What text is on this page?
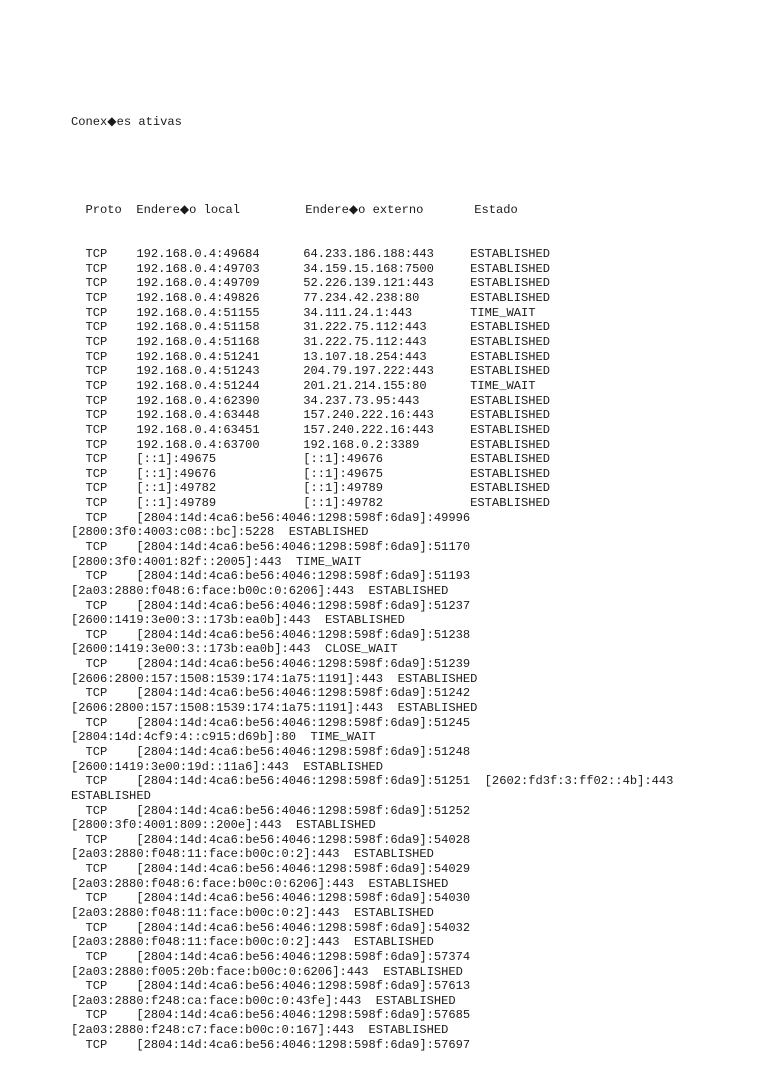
Conex◆es ativas

Proto  Endere◆o local         Endere◆o externo       Estado

TCP    192.168.0.4:49684      64.233.186.188:443     ESTABLISHED
TCP    192.168.0.4:49703      34.159.15.168:7500     ESTABLISHED
TCP    192.168.0.4:49709      52.226.139.121:443     ESTABLISHED
TCP    192.168.0.4:49826      77.234.42.238:80       ESTABLISHED
TCP    192.168.0.4:51155      34.111.24.1:443        TIME_WAIT
TCP    192.168.0.4:51158      31.222.75.112:443      ESTABLISHED
TCP    192.168.0.4:51168      31.222.75.112:443      ESTABLISHED
TCP    192.168.0.4:51241      13.107.18.254:443      ESTABLISHED
TCP    192.168.0.4:51243      204.79.197.222:443     ESTABLISHED
TCP    192.168.0.4:51244      201.21.214.155:80      TIME_WAIT
TCP    192.168.0.4:62390      34.237.73.95:443       ESTABLISHED
TCP    192.168.0.4:63448      157.240.222.16:443     ESTABLISHED
TCP    192.168.0.4:63451      157.240.222.16:443     ESTABLISHED
TCP    192.168.0.4:63700      192.168.0.2:3389       ESTABLISHED
TCP    [::1]:49675            [::1]:49676            ESTABLISHED
TCP    [::1]:49676            [::1]:49675            ESTABLISHED
TCP    [::1]:49782            [::1]:49789            ESTABLISHED
TCP    [::1]:49789            [::1]:49782            ESTABLISHED
TCP    [2804:14d:4ca6:be56:4046:1298:598f:6da9]:49996
[2800:3f0:4003:c08::bc]:5228  ESTABLISHED
TCP    [2804:14d:4ca6:be56:4046:1298:598f:6da9]:51170
[2800:3f0:4001:82f::2005]:443  TIME_WAIT
TCP    [2804:14d:4ca6:be56:4046:1298:598f:6da9]:51193
[2a03:2880:f048:6:face:b00c:0:6206]:443  ESTABLISHED
TCP    [2804:14d:4ca6:be56:4046:1298:598f:6da9]:51237
[2600:1419:3e00:3::173b:ea0b]:443  ESTABLISHED
TCP    [2804:14d:4ca6:be56:4046:1298:598f:6da9]:51238
[2600:1419:3e00:3::173b:ea0b]:443  CLOSE_WAIT
TCP    [2804:14d:4ca6:be56:4046:1298:598f:6da9]:51239
[2606:2800:157:1508:1539:174:1a75:1191]:443  ESTABLISHED
TCP    [2804:14d:4ca6:be56:4046:1298:598f:6da9]:51242
[2606:2800:157:1508:1539:174:1a75:1191]:443  ESTABLISHED
TCP    [2804:14d:4ca6:be56:4046:1298:598f:6da9]:51245
[2804:14d:4cf9:4::c915:d69b]:80  TIME_WAIT
TCP    [2804:14d:4ca6:be56:4046:1298:598f:6da9]:51248
[2600:1419:3e00:19d::11a6]:443  ESTABLISHED
TCP    [2804:14d:4ca6:be56:4046:1298:598f:6da9]:51251  [2602:fd3f:3:ff02::4b]:443
ESTABLISHED
TCP    [2804:14d:4ca6:be56:4046:1298:598f:6da9]:51252
[2800:3f0:4001:809::200e]:443  ESTABLISHED
TCP    [2804:14d:4ca6:be56:4046:1298:598f:6da9]:54028
[2a03:2880:f048:11:face:b00c:0:2]:443  ESTABLISHED
TCP    [2804:14d:4ca6:be56:4046:1298:598f:6da9]:54029
[2a03:2880:f048:6:face:b00c:0:6206]:443  ESTABLISHED
TCP    [2804:14d:4ca6:be56:4046:1298:598f:6da9]:54030
[2a03:2880:f048:11:face:b00c:0:2]:443  ESTABLISHED
TCP    [2804:14d:4ca6:be56:4046:1298:598f:6da9]:54032
[2a03:2880:f048:11:face:b00c:0:2]:443  ESTABLISHED
TCP    [2804:14d:4ca6:be56:4046:1298:598f:6da9]:57374
[2a03:2880:f005:20b:face:b00c:0:6206]:443  ESTABLISHED
TCP    [2804:14d:4ca6:be56:4046:1298:598f:6da9]:57613
[2a03:2880:f248:ca:face:b00c:0:43fe]:443  ESTABLISHED
TCP    [2804:14d:4ca6:be56:4046:1298:598f:6da9]:57685
[2a03:2880:f248:c7:face:b00c:0:167]:443  ESTABLISHED
TCP    [2804:14d:4ca6:be56:4046:1298:598f:6da9]:57697
